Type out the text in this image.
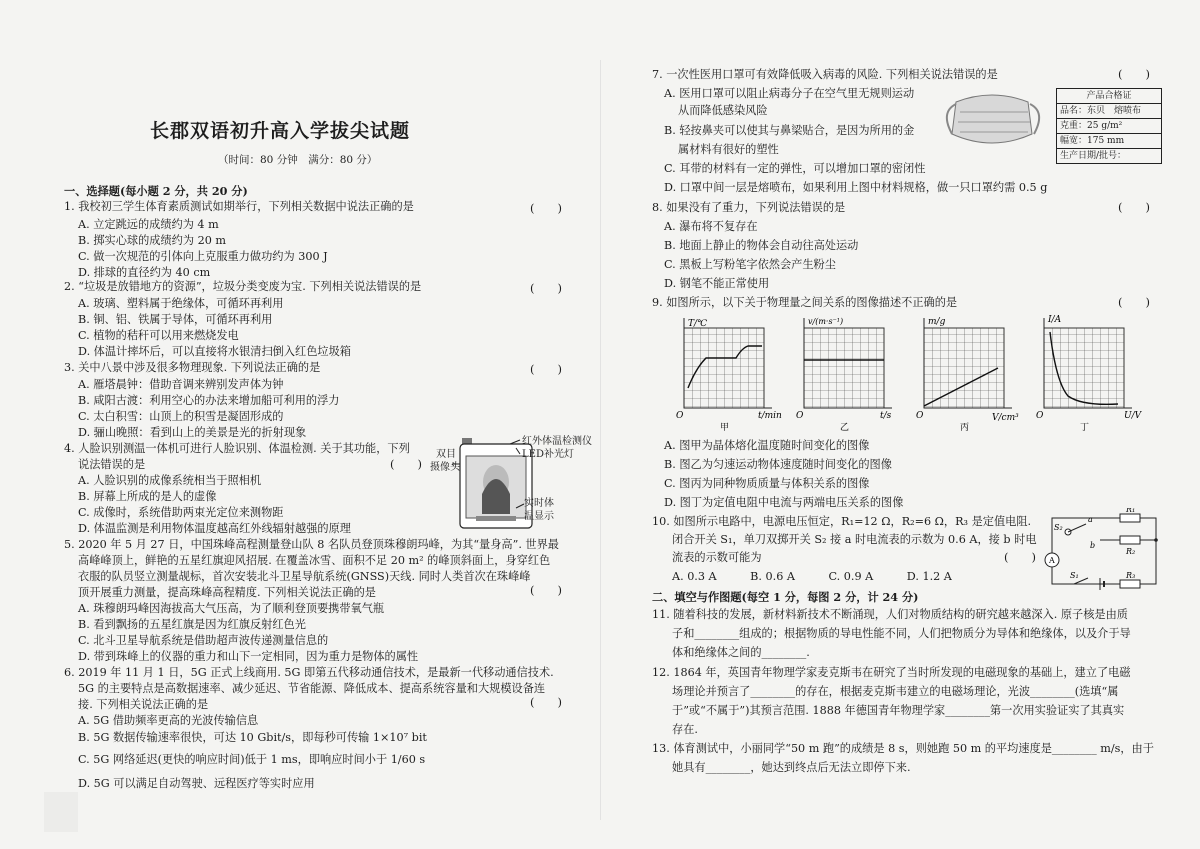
长郡双语初升高入学拔尖试题
（时间：80 分钟　满分：80 分）
一、选择题(每小题 2 分，共 20 分)
二、填空与作图题(每空 1 分，每图 2 分，计 24 分)
1. 我校初三学生体育素质测试如期举行，下列相关数据中说法正确的是
A. 立定跳远的成绩约为 4 m
B. 掷实心球的成绩约为 20 m
C. 做一次规范的引体向上克服重力做功约为 300 J
D. 排球的直径约为 40 cm
2. “垃圾是放错地方的资源”，垃圾分类变废为宝. 下列相关说法错误的是
A. 玻璃、塑料属于绝缘体，可循环再利用
B. 铜、铝、铁属于导体，可循环再利用
C. 植物的秸秆可以用来燃烧发电
D. 体温计摔坏后，可以直接将水银清扫倒入红色垃圾箱
3. 关中八景中涉及很多物理现象. 下列说法正确的是
A. 雁塔晨钟：借助音调来辨别发声体为钟
B. 咸阳古渡：利用空心的办法来增加船可利用的浮力
C. 太白积雪：山顶上的积雪是凝固形成的
D. 骊山晚照：看到山上的美景是光的折射现象
4. 人脸识别测温一体机可进行人脸识别、体温检测. 关于其功能，下列
说法错误的是
A. 人脸识别的成像系统相当于照相机
B. 屏幕上所成的是人的虚像
C. 成像时，系统借助两束光定位来测物距
D. 体温监测是利用物体温度越高红外线辐射越强的原理
5. 2020 年 5 月 27 日，中国珠峰高程测量登山队 8 名队员登顶珠穆朗玛峰，为其“量身高”. 世界最
高峰峰顶上，鲜艳的五星红旗迎风招展. 在覆盖冰雪、面积不足 20 m² 的峰顶斜面上，身穿红色
衣服的队员竖立测量觇标，首次安装北斗卫星导航系统(GNSS)天线. 同时人类首次在珠峰峰
顶开展重力测量，提高珠峰高程精度. 下列相关说法正确的是
A. 珠穆朗玛峰因海拔高大气压高，为了顺利登顶要携带氧气瓶
B. 看到飘扬的五星红旗是因为红旗反射红色光
C. 北斗卫星导航系统是借助超声波传递测量信息的
D. 带到珠峰上的仪器的重力和山下一定相同，因为重力是物体的属性
6. 2019 年 11 月 1 日，5G 正式上线商用. 5G 即第五代移动通信技术，是最新一代移动通信技术.
5G 的主要特点是高数据速率、减少延迟、节省能源、降低成本、提高系统容量和大规模设备连
接. 下列相关说法正确的是
A. 5G 借助频率更高的光波传输信息
B. 5G 数据传输速率很快，可达 10 Gbit/s，即每秒可传输 1×10⁷ bit
C. 5G 网络延迟(更快的响应时间)低于 1 ms，即响应时间小于 1/60 s
D. 5G 可以满足自动驾驶、远程医疗等实时应用
(　　)
(　　)
(　　)
(　　)
(　　)
(　　)
红外体温检测仪
LED补光灯
双目
摄像头
实时体
温显示
7. 一次性医用口罩可有效降低吸入病毒的风险. 下列相关说法错误的是
A. 医用口罩可以阻止病毒分子在空气里无规则运动
从而降低感染风险
B. 轻按鼻夹可以使其与鼻梁贴合，是因为所用的金
属材料有很好的塑性
C. 耳带的材料有一定的弹性，可以增加口罩的密闭性
D. 口罩中间一层是熔喷布，如果利用上图中材料规格，做一只口罩约需 0.5 g
8. 如果没有了重力，下列说法错误的是
A. 瀑布将不复存在
B. 地面上静止的物体会自动往高处运动
C. 黑板上写粉笔字依然会产生粉尘
D. 钢笔不能正常使用
9. 如图所示，以下关于物理量之间关系的图像描述不正确的是
A. 图甲为晶体熔化温度随时间变化的图像
B. 图乙为匀速运动物体速度随时间变化的图像
C. 图丙为同种物质质量与体积关系的图像
D. 图丁为定值电阻中电流与两端电压关系的图像
10. 如图所示电路中，电源电压恒定，R₁=12 Ω，R₂=6 Ω，R₃ 是定值电阻.
闭合开关 S₁，单刀双掷开关 S₂ 接 a 时电流表的示数为 0.6 A，接 b 时电
流表的示数可能为
A. 0.3 A　　　B. 0.6 A　　　C. 0.9 A　　　D. 1.2 A
11. 随着科技的发展，新材料新技术不断涌现，人们对物质结构的研究越来越深入. 原子核是由质
子和________组成的；根据物质的导电性能不同，人们把物质分为导体和绝缘体，以及介于导
体和绝缘体之间的________.
12. 1864 年，英国青年物理学家麦克斯韦在研究了当时所发现的电磁现象的基础上，建立了电磁
场理论并预言了________的存在，根据麦克斯韦建立的电磁场理论，光波________(选填“属
于”或“不属于”)其预言范围. 1888 年德国青年物理学家________第一次用实验证实了其真实
存在.
13. 体育测试中，小丽同学“50 m 跑”的成绩是 8 s，则她跑 50 m 的平均速度是________ m/s，由于
她具有________，她达到终点后无法立即停下来.
(　　)
(　　)
(　　)
(　　)
产品合格证
品名：东贝　熔喷布
克重：25 g/m²
幅宽：175 mm
生产日期/批号：
T/℃	v/(m·s⁻¹)	m/g	I/A
t/min	t/s	V/cm³	U/V
O	O	O	O
甲	乙	丙	丁
R₁
R₂
R₃
S₂
S₁
a
b
A
